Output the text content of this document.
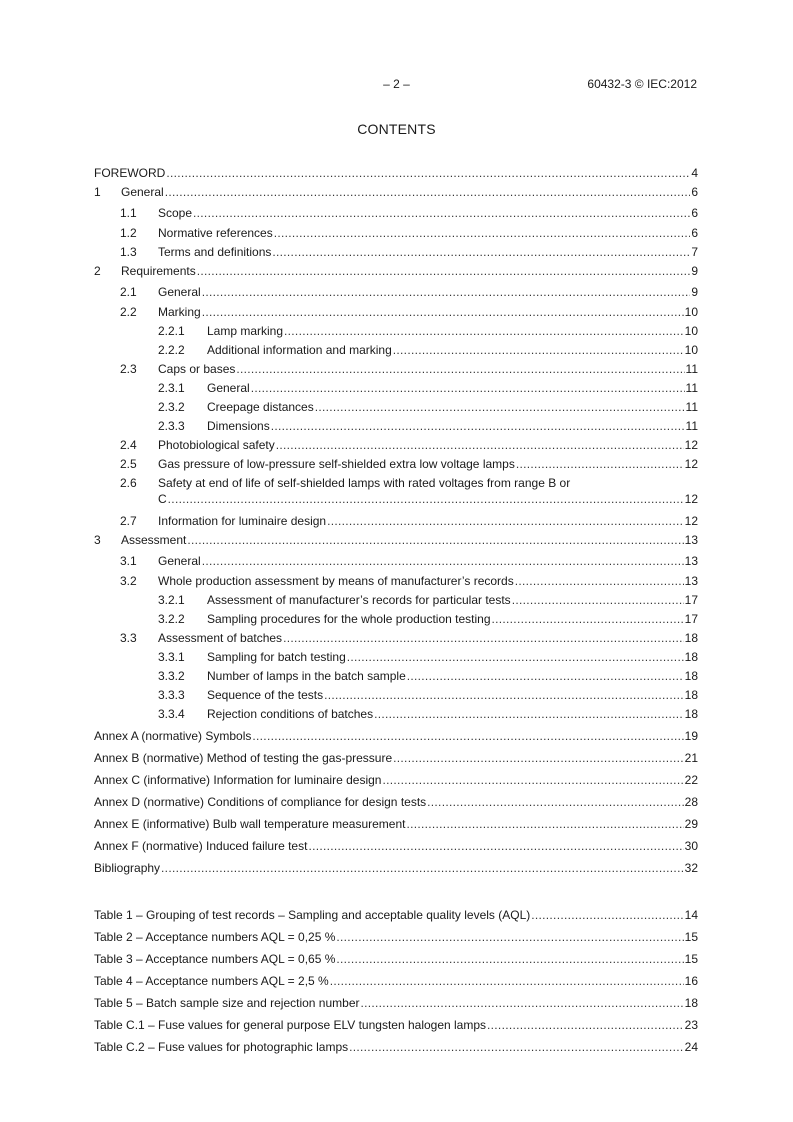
– 2 –	60432-3 © IEC:2012
CONTENTS
FOREWORD .....	4
1	General .....	6
1.1	Scope .....	6
1.2	Normative references .....	6
1.3	Terms and definitions .....	7
2	Requirements .....	9
2.1	General .....	9
2.2	Marking .....	10
2.2.1	Lamp marking .....	10
2.2.2	Additional information and marking .....	10
2.3	Caps or bases .....	11
2.3.1	General .....	11
2.3.2	Creepage distances .....	11
2.3.3	Dimensions .....	11
2.4	Photobiological safety .....	12
2.5	Gas pressure of low-pressure self-shielded extra low voltage lamps .....	12
2.6	Safety at end of life of self-shielded lamps with rated voltages from range B or
C .....	12
2.7	Information for luminaire design .....	12
3	Assessment .....	13
3.1	General .....	13
3.2	Whole production assessment by means of manufacturer’s records .....	13
3.2.1	Assessment of manufacturer’s records for particular tests .....	17
3.2.2	Sampling procedures for the whole production testing .....	17
3.3	Assessment of batches .....	18
3.3.1	Sampling for batch testing .....	18
3.3.2	Number of lamps in the batch sample .....	18
3.3.3	Sequence of the tests .....	18
3.3.4	Rejection conditions of batches .....	18
Annex A (normative) Symbols .....	19
Annex B (normative) Method of testing the gas-pressure .....	21
Annex C (informative) Information for luminaire design .....	22
Annex D (normative) Conditions of compliance for design tests .....	28
Annex E (informative) Bulb wall temperature measurement .....	29
Annex F (normative) Induced failure test .....	30
Bibliography .....	32
Table 1 – Grouping of test records – Sampling and acceptable quality levels (AQL) .....	14
Table 2 – Acceptance numbers AQL = 0,25 % .....	15
Table 3 – Acceptance numbers AQL = 0,65 % .....	15
Table 4 – Acceptance numbers AQL = 2,5 % .....	16
Table 5 – Batch sample size and rejection number .....	18
Table C.1 – Fuse values for general purpose ELV tungsten halogen lamps .....	23
Table C.2 – Fuse values for photographic lamps .....	24
